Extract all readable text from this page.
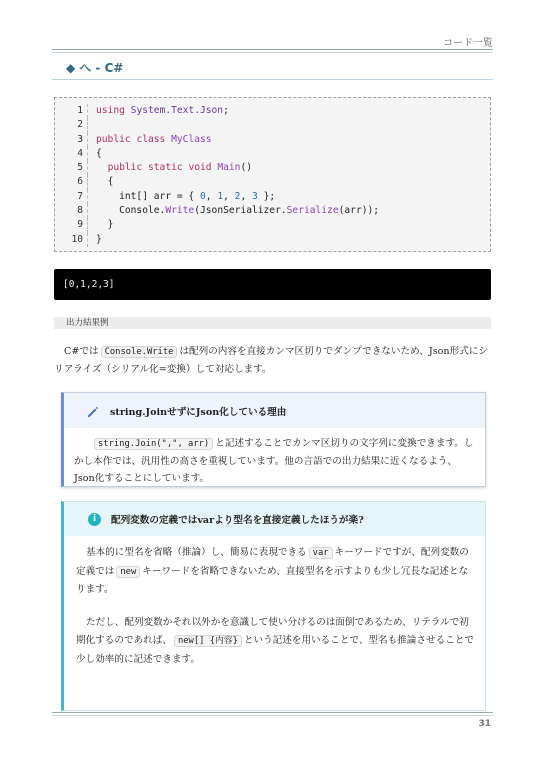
コード一覧
◆ へ - C#
1 using
System.Text.Json ;
2
3 public
class
MyClass
4 {
5
	public
static
void
Main ()
6
	{
7
	int[] arr = { 0 , 1 , 2 , 3 };
8
	Console. Write (JsonSerializer. Serialize (arr));
9
	}
10 }
[0,1,2,3]
出力結果例
C#では Console.Write は配列の内容を直接カンマ区切りでダンプできないため、Json形式にシリアライズ（シリアル化=変換）して対応します。
string.JoinせずにJson化している理由
string.Join(",", arr) と記述することでカンマ区切りの文字列に変換できます。しかし本作では、汎用性の高さを重視しています。他の言語での出力結果に近くなるよう、Json化することにしています。
i	配列変数の定義ではvarより型名を直接定義したほうが楽?

基本的に型名を省略（推論）し、簡易に表現できる var キーワードですが、配列変数の定義では new キーワードを省略できないため、直接型名を示すよりも少し冗長な記述となります。

ただし、配列変数かそれ以外かを意識して使い分けるのは面倒であるため、リテラルで初期化するのであれば、 new[] {内容} という記述を用いることで、型名も推論させることで少し効率的に記述できます。

31
